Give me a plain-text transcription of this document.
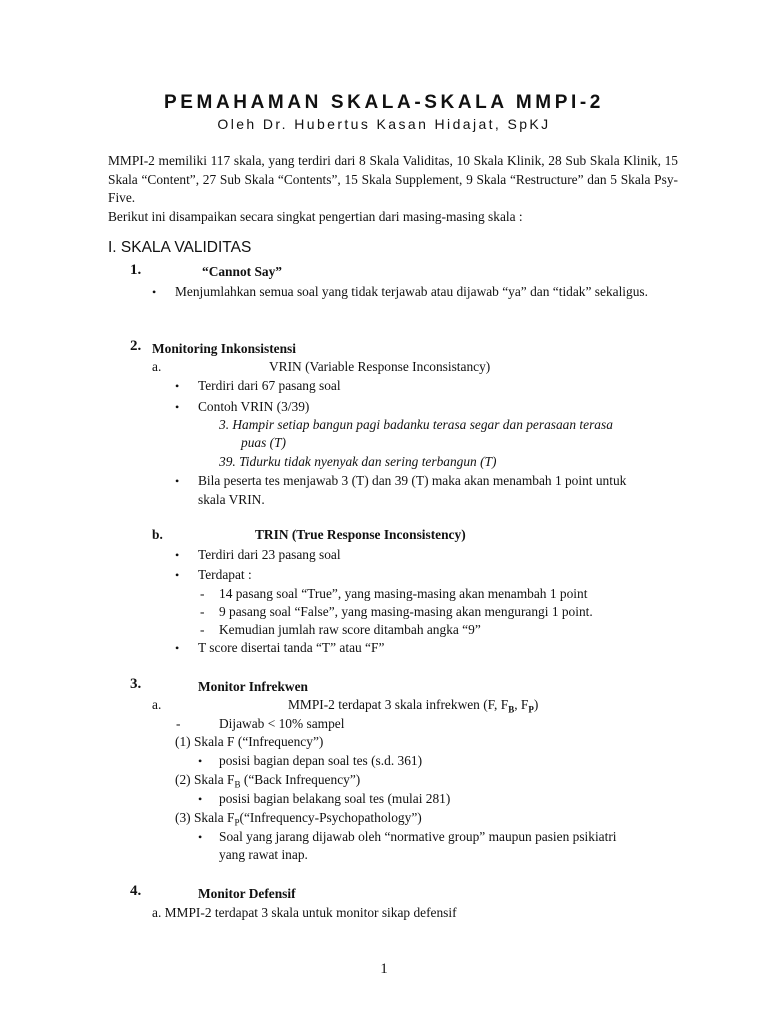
PEMAHAMAN SKALA-SKALA MMPI-2
Oleh Dr. Hubertus Kasan Hidajat, SpKJ

MMPI-2 memiliki 117 skala, yang terdiri dari 8 Skala Validitas, 10 Skala Klinik, 28 Sub Skala Klinik, 15 Skala “Content”, 27 Sub Skala “Contents”, 15 Skala Supplement, 9 Skala “Restructure” dan 5 Skala Psy-Five.

Berikut ini disampaikan secara singkat pengertian dari masing-masing skala :

I. SKALA VALIDITAS
1.	“Cannot Say”
• Menjumlahkan semua soal yang tidak terjawab atau dijawab “ya” dan “tidak” sekaligus.
2. Monitoring Inkonsistensi
a.	VRIN (Variable Response Inconsistancy)
• Terdiri dari 67 pasang soal
• Contoh VRIN (3/39)
3. Hampir setiap bangun pagi badanku terasa segar dan perasaan terasa
puas (T)
39. Tidurku tidak nyenyak dan sering terbangun (T)
• Bila peserta tes menjawab 3 (T) dan 39 (T) maka akan menambah 1 point untuk
skala VRIN.
b.	TRIN (True Response Inconsistency)
• Terdiri dari 23 pasang soal
• Terdapat :
- 14 pasang soal “True”, yang masing-masing akan menambah 1 point
- 9 pasang soal “False”, yang masing-masing akan mengurangi 1 point.
- Kemudian jumlah raw score ditambah angka “9”
• T score disertai tanda “T” atau “F”
3.	Monitor Infrekwen
a.	MMPI-2 terdapat 3 skala infrekwen (F, $F_B$, $F_P$)
-	Dijawab < 10% sampel
(1) Skala F (“Infrequency”)
• posisi bagian depan soal tes (s.d. 361)
(2) Skala $F_B$ (“Back Infrequency”)
• posisi bagian belakang soal tes (mulai 281)
(3) Skala $F_P(“Infrequency-Psychopathology”)$
• Soal yang jarang dijawab oleh “normative group” maupun pasien psikiatri
yang rawat inap.
4.	Monitor Defensif
a. MMPI-2 terdapat 3 skala untuk monitor sikap defensif
1
